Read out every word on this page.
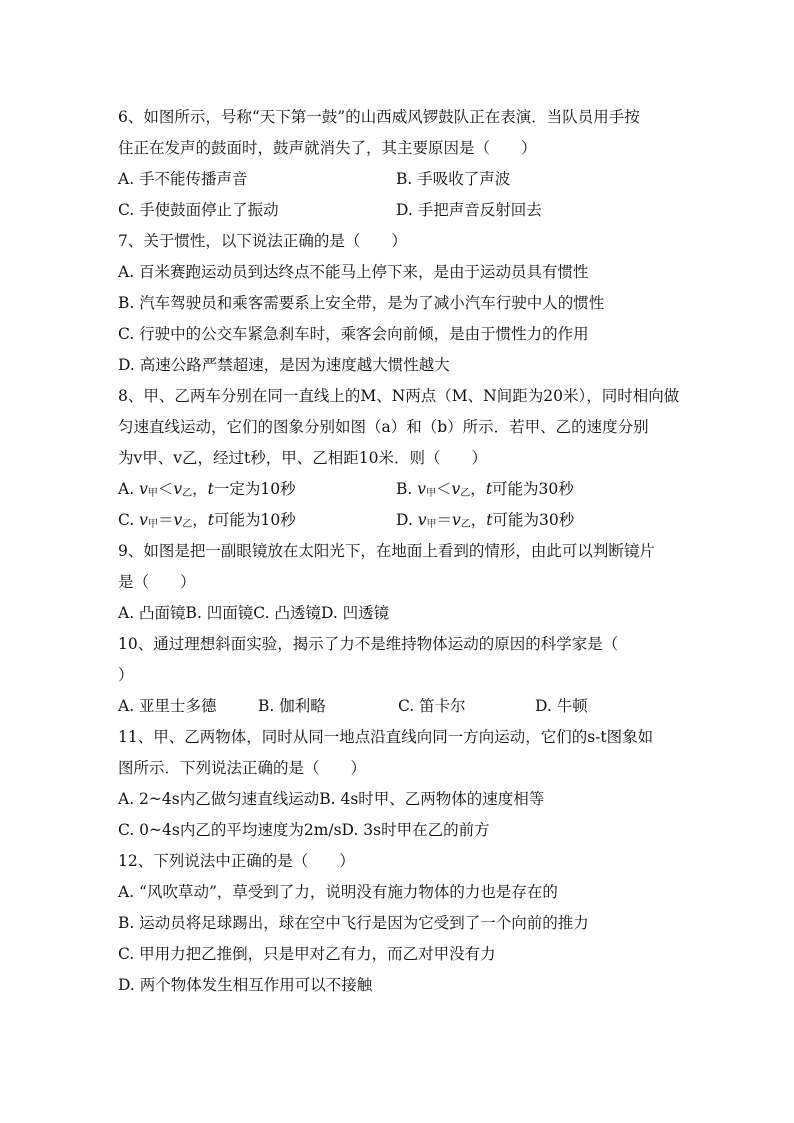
6、如图所示，号称“天下第一鼓”的山西威风锣鼓队正在表演．当队员用手按
住正在发声的鼓面时，鼓声就消失了，其主要原因是（　　）
A. 手不能传播声音	B. 手吸收了声波
C. 手使鼓面停止了振动	D. 手把声音反射回去
7、关于惯性，以下说法正确的是（　　）
A. 百米赛跑运动员到达终点不能马上停下来，是由于运动员具有惯性
B. 汽车驾驶员和乘客需要系上安全带，是为了减小汽车行驶中人的惯性
C. 行驶中的公交车紧急刹车时，乘客会向前倾，是由于惯性力的作用
D. 高速公路严禁超速，是因为速度越大惯性越大
8、甲、乙两车分别在同一直线上的M、N两点（M、N间距为20米），同时相向做
匀速直线运动，它们的图象分别如图（a）和（b）所示．若甲、乙的速度分别
为v甲、v乙，经过t秒，甲、乙相距10米．则（　　）
A. $v_甲<v_乙$，t一定为10秒	B. $v_甲<v_乙$，t可能为30秒
C. $v_甲=v_乙$，t可能为10秒	D. $v_甲=v_乙$，t可能为30秒
9、如图是把一副眼镜放在太阳光下，在地面上看到的情形，由此可以判断镜片
是（　　）
A. 凸面镜B. 凹面镜C. 凸透镜D. 凹透镜
10、通过理想斜面实验，揭示了力不是维持物体运动的原因的科学家是（
）
A. 亚里士多德	B. 伽利略	C. 笛卡尔	D. 牛顿
11、甲、乙两物体，同时从同一地点沿直线向同一方向运动，它们的s-t图象如
图所示．下列说法正确的是（　　）
A. 2~4s内乙做匀速直线运动B. 4s时甲、乙两物体的速度相等
C. 0~4s内乙的平均速度为2m/sD. 3s时甲在乙的前方
12、下列说法中正确的是（　　）
A. “风吹草动”，草受到了力，说明没有施力物体的力也是存在的
B. 运动员将足球踢出，球在空中飞行是因为它受到了一个向前的推力
C. 甲用力把乙推倒，只是甲对乙有力，而乙对甲没有力
D. 两个物体发生相互作用可以不接触
